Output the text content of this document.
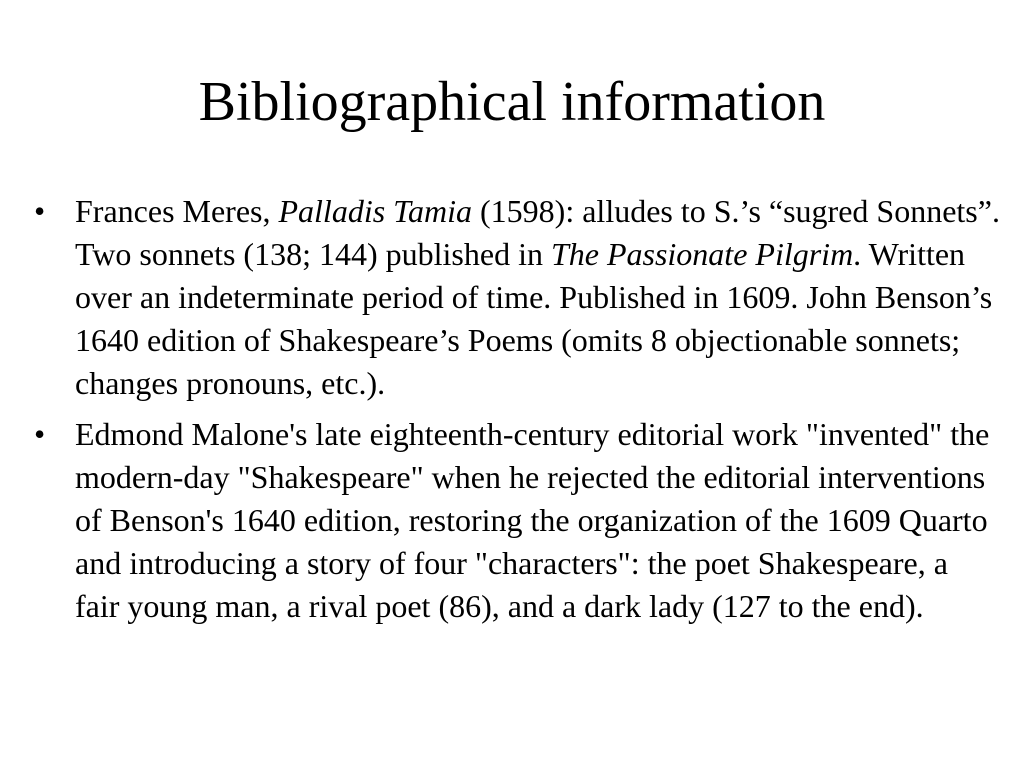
Bibliographical information
• Frances Meres, Palladis Tamia (1598): alludes to S.’s “sugred Sonnets”. Two sonnets (138; 144) published in The Passionate Pilgrim. Written over an indeterminate period of time. Published in 1609. John Benson’s 1640 edition of Shakespeare’s Poems (omits 8 objectionable sonnets; changes pronouns, etc.).
• Edmond Malone's late eighteenth-century editorial work "invented" the modern-day "Shakespeare" when he rejected the editorial interventions of Benson's 1640 edition, restoring the organization of the 1609 Quarto and introducing a story of four "characters": the poet Shakespeare, a fair young man, a rival poet (86), and a dark lady (127 to the end).
